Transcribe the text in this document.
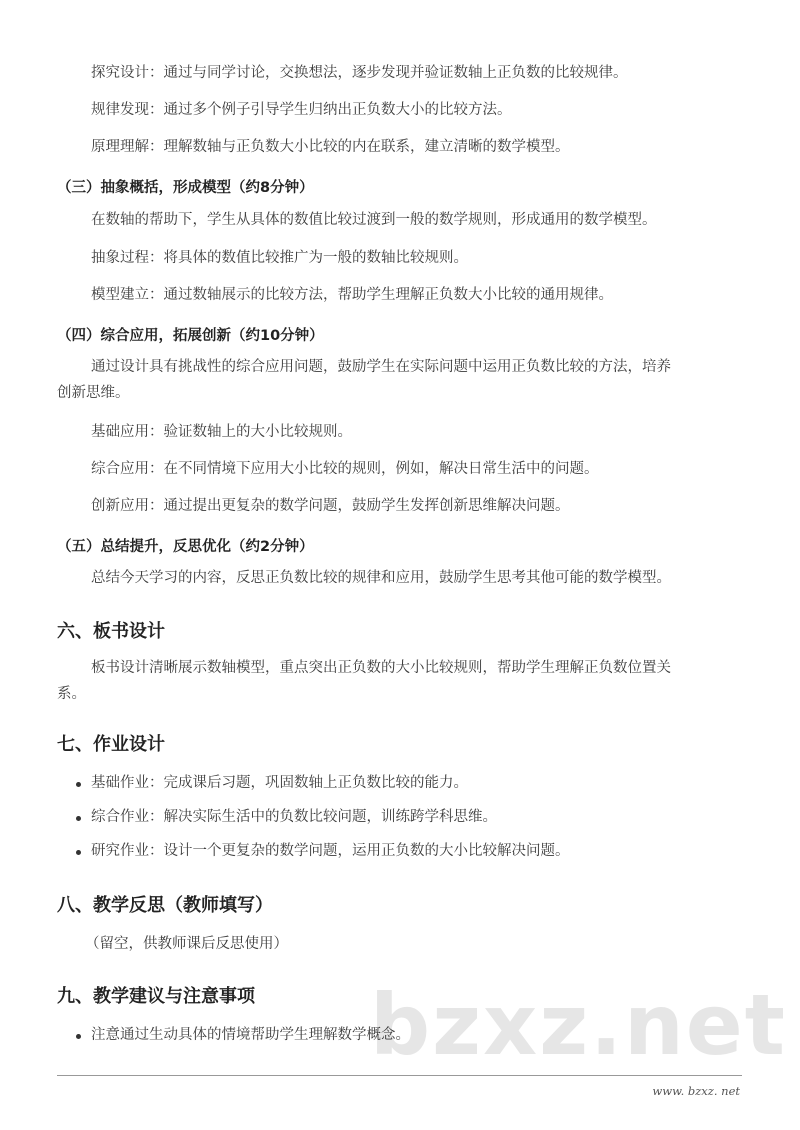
bzxz.net
探究设计：通过与同学讨论，交换想法，逐步发现并验证数轴上正负数的比较规律。
规律发现：通过多个例子引导学生归纳出正负数大小的比较方法。
原理理解：理解数轴与正负数大小比较的内在联系，建立清晰的数学模型。
（三）抽象概括，形成模型（约8分钟）
在数轴的帮助下，学生从具体的数值比较过渡到一般的数学规则，形成通用的数学模型。
抽象过程：将具体的数值比较推广为一般的数轴比较规则。
模型建立：通过数轴展示的比较方法，帮助学生理解正负数大小比较的通用规律。
（四）综合应用，拓展创新（约10分钟）
通过设计具有挑战性的综合应用问题，鼓励学生在实际问题中运用正负数比较的方法，培养
创新思维。
基础应用：验证数轴上的大小比较规则。
综合应用：在不同情境下应用大小比较的规则，例如，解决日常生活中的问题。
创新应用：通过提出更复杂的数学问题，鼓励学生发挥创新思维解决问题。
（五）总结提升，反思优化（约2分钟）
总结今天学习的内容，反思正负数比较的规律和应用，鼓励学生思考其他可能的数学模型。
六、板书设计
板书设计清晰展示数轴模型，重点突出正负数的大小比较规则，帮助学生理解正负数位置关
系。
七、作业设计
基础作业：完成课后习题，巩固数轴上正负数比较的能力。
综合作业：解决实际生活中的负数比较问题，训练跨学科思维。
研究作业：设计一个更复杂的数学问题，运用正负数的大小比较解决问题。
八、教学反思（教师填写）
（留空，供教师课后反思使用）
九、教学建议与注意事项
注意通过生动具体的情境帮助学生理解数学概念。
www. bzxz. net
